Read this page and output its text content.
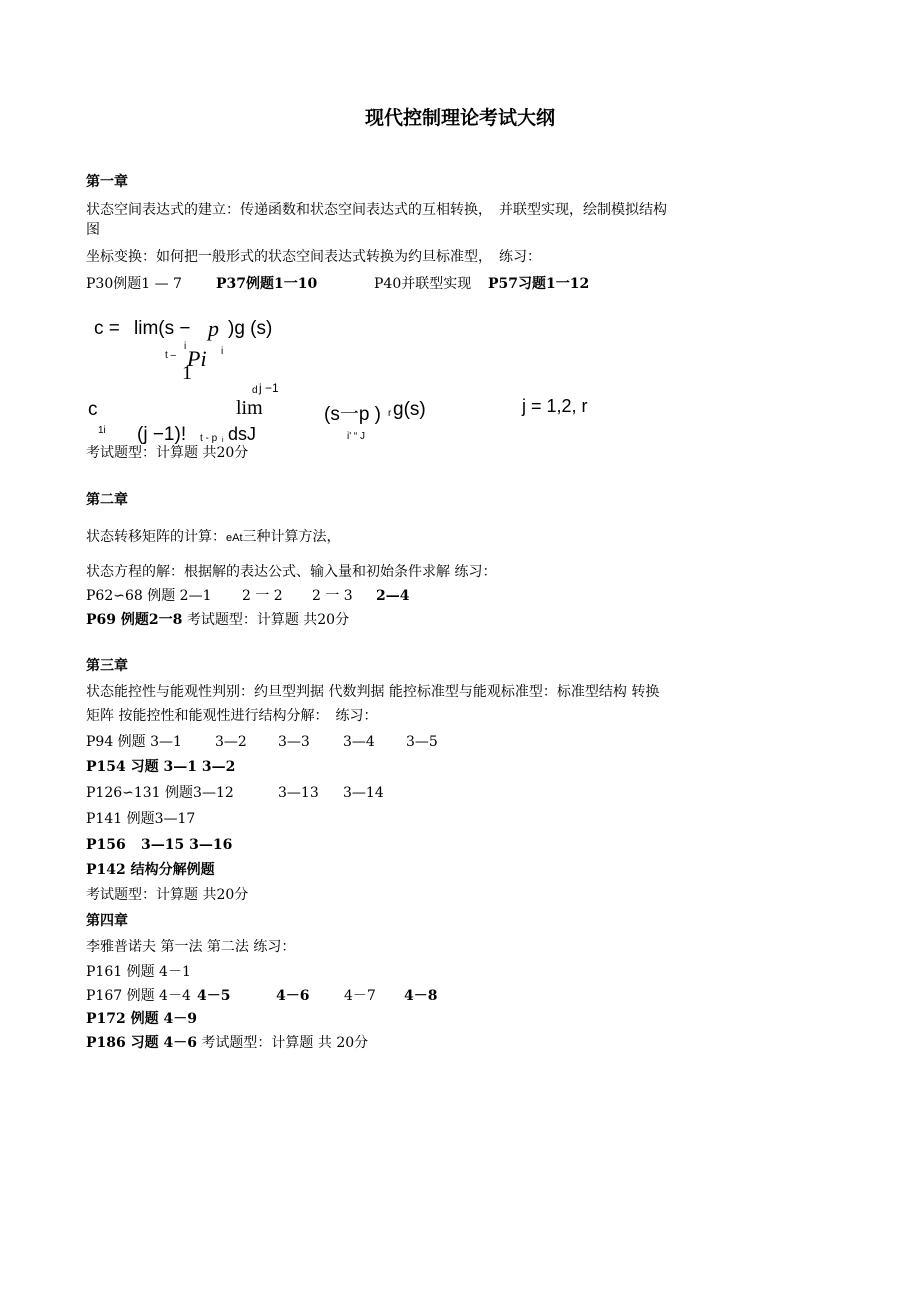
现代控制理论考试大纲
第一章
状态空间表达式的建立：传递函数和状态空间表达式的互相转换，　并联型实现，绘制模拟结构
图
坐标变换：如何把一般形式的状态空间表达式转换为约旦标准型，　练习：
P30例题1 — 7 P37例题1一10	P40并联型实现 P57习题1一12
c = lim(s − p )g (s)
t –
i Pi i
1
d j −1
c
1i
lim	(s一p ) r g(s)	j = 1,2, r
(j −1)! t - p i dsJ	i' “ J
考试题型：计算题 共20分
第二章
状态转移矩阵的计算：eAt三种计算方法，
状态方程的解：根据解的表达公式、输入量和初始条件求解 练习：
P62∽68 例题 2—1 2 一 2 2 一 3 2—4
P69 例题2一8 考试题型：计算题 共20分
第三章
状态能控性与能观性判别：约旦型判据 代数判据 能控标准型与能观标准型：标准型结构 转换
矩阵 按能控性和能观性进行结构分解：　练习：
P94 例题 3—1 3—2 3—3 3—4 3—5
P154 习题 3—1 3—2
P126∽131 例题3—12	3—13 3—14
P141 例题3—17
P156 3—15 3—16
P142 结构分解例题
考试题型：计算题 共20分
第四章
李雅普诺夫 第一法 第二法 练习：
P161 例题 4－1
P167 例题 4－4 4－5	4－6 4－7 4－8
P172 例题 4－9
P186 习题 4－6 考试题型：计算题 共 20分
